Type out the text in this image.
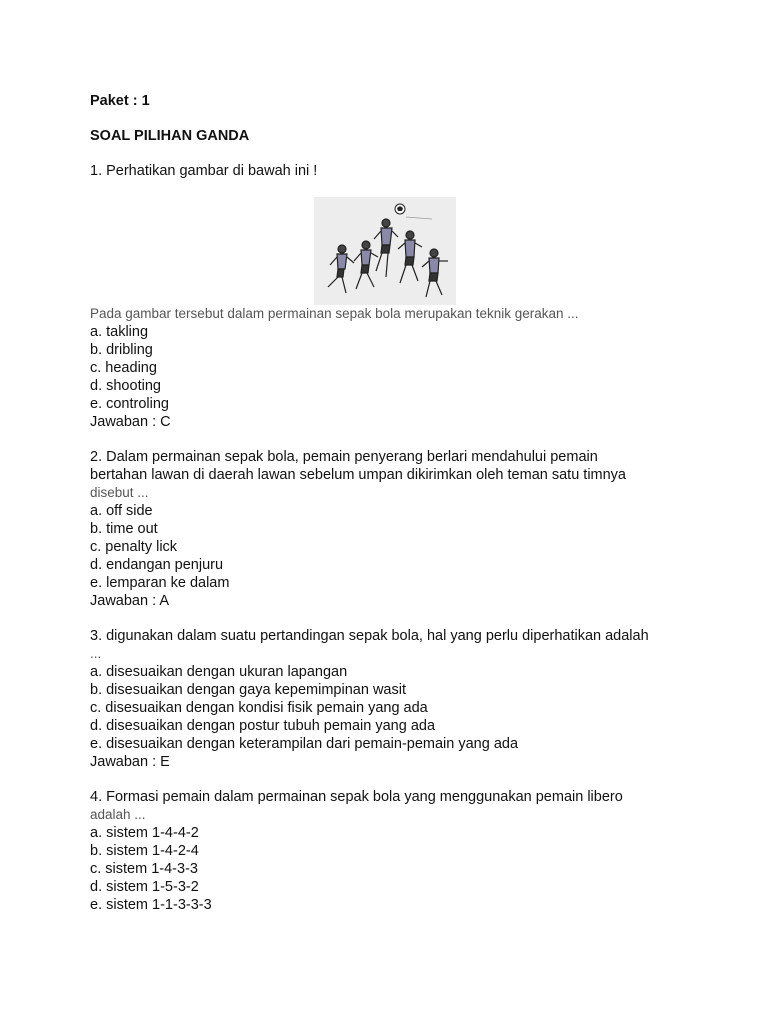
Paket : 1
SOAL PILIHAN GANDA
1. Perhatikan gambar di bawah ini !
Pada gambar tersebut dalam permainan sepak bola merupakan teknik gerakan ...
a. takling
b. dribling
c. heading
d. shooting
e. controling
Jawaban : C
2. Dalam permainan sepak bola, pemain penyerang berlari mendahului pemain
bertahan lawan di daerah lawan sebelum umpan dikirimkan oleh teman satu timnya
disebut ...
a. off side
b. time out
c. penalty lick
d. endangan penjuru
e. lemparan ke dalam
Jawaban : A
3. digunakan dalam suatu pertandingan sepak bola, hal yang perlu diperhatikan adalah
...
a. disesuaikan dengan ukuran lapangan
b. disesuaikan dengan gaya kepemimpinan wasit
c. disesuaikan dengan kondisi fisik pemain yang ada
d. disesuaikan dengan postur tubuh pemain yang ada
e. disesuaikan dengan keterampilan dari pemain-pemain yang ada
Jawaban : E
4. Formasi pemain dalam permainan sepak bola yang menggunakan pemain libero
adalah ...
a. sistem 1-4-4-2
b. sistem 1-4-2-4
c. sistem 1-4-3-3
d. sistem 1-5-3-2
e. sistem 1-1-3-3-3
